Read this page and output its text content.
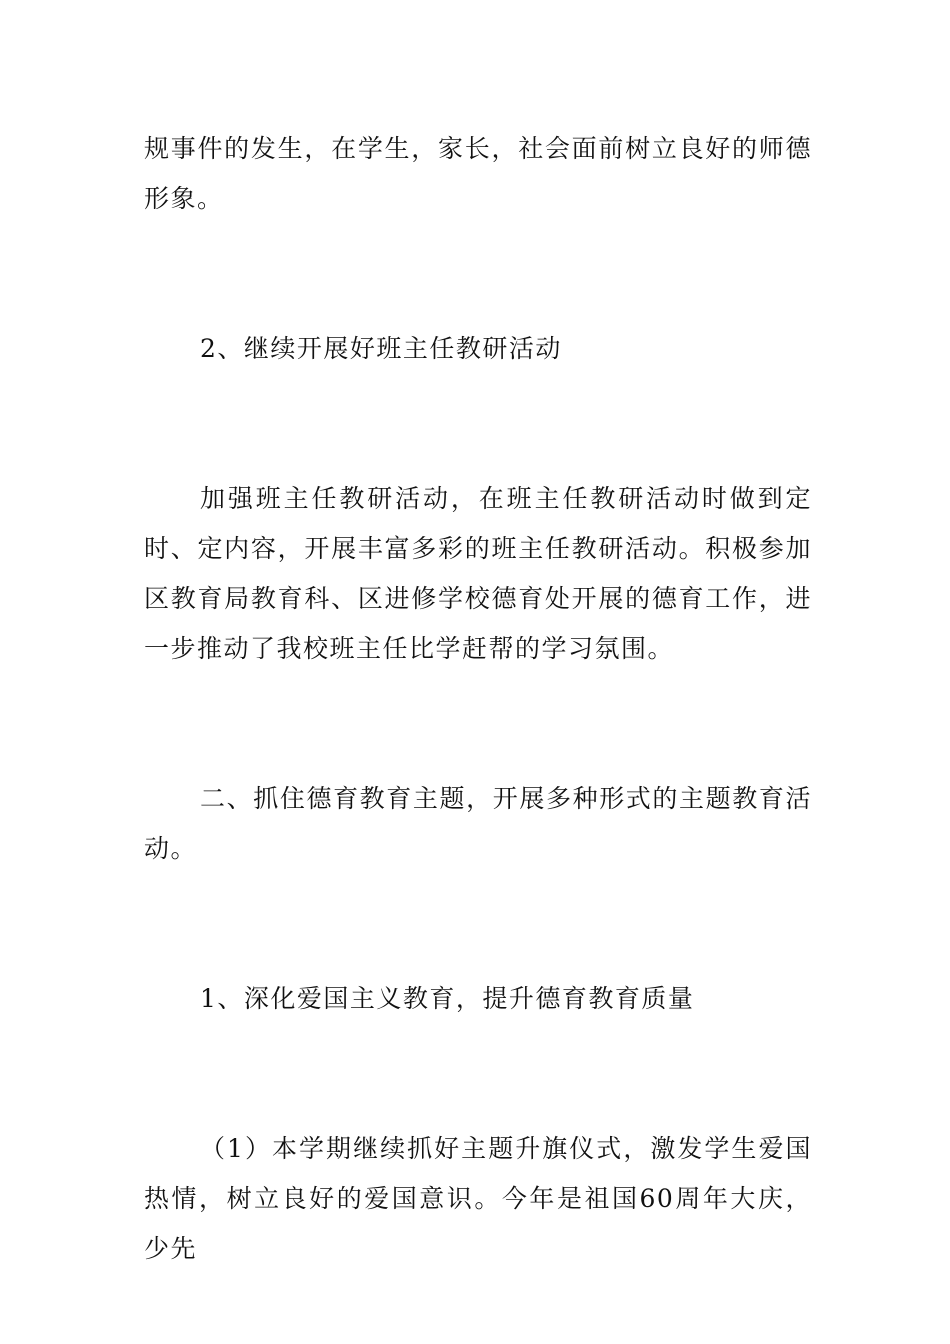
规事件的发生，在学生，家长，社会面前树立良好的师德形象。

2、继续开展好班主任教研活动

加强班主任教研活动，在班主任教研活动时做到定时、定内容，开展丰富多彩的班主任教研活动。积极参加区教育局教育科、区进修学校德育处开展的德育工作，进一步推动了我校班主任比学赶帮的学习氛围。

二、抓住德育教育主题，开展多种形式的主题教育活动。

1、深化爱国主义教育，提升德育教育质量

（1）本学期继续抓好主题升旗仪式，激发学生爱国热情，树立良好的爱国意识。今年是祖国60周年大庆，少先
